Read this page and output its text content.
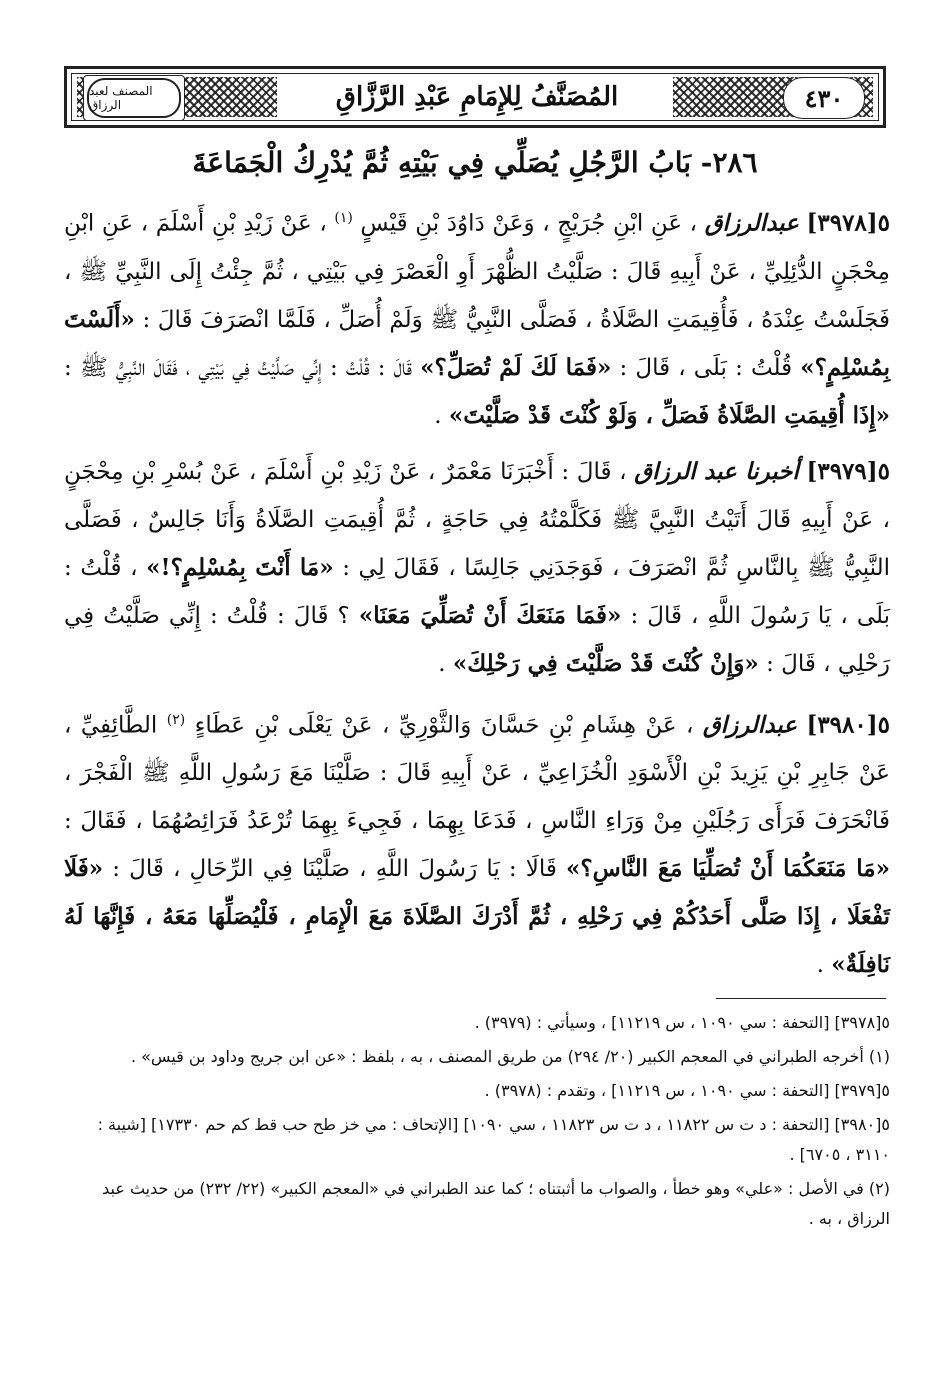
المصنف لعبد الرزاق	المُصَنَّفُ لِلإِمَامِ عَبْدِ الرَّزَّاقِ	٤٣٠
٢٨٦- بَابُ الرَّجُلِ يُصَلِّي فِي بَيْتِهِ ثُمَّ يُدْرِكُ الْجَمَاعَةَ

٥[٣٩٧٨] عبدالرزاق ، عَنِ ابْنِ جُرَيْجٍ ، وَعَنْ دَاوُدَ بْنِ قَيْسٍ $^{(١)}$ ، عَنْ زَيْدِ بْنِ أَسْلَمَ ، عَنِ ابْنِ مِحْجَنٍ الدُّئِلِيِّ ، عَنْ أَبِيهِ قَالَ : صَلَّيْتُ الظُّهْرَ أَوِ الْعَصْرَ فِي بَيْتِي ، ثُمَّ جِئْتُ إِلَى النَّبِيِّ ﷺ ، فَجَلَسْتُ عِنْدَهُ ، فَأُقِيمَتِ الصَّلَاةُ ، فَصَلَّى النَّبِيُّ ﷺ وَلَمْ أُصَلِّ ، فَلَمَّا انْصَرَفَ قَالَ : «أَلَسْتَ بِمُسْلِمٍ؟» قُلْتُ : بَلَى ، قَالَ : «فَمَا لَكَ لَمْ تُصَلِّ؟» قَالَ : قُلْتُ : إِنِّي صَلَّيْتُ فِي بَيْتِي ، فَقَالَ النَّبِيُّ ﷺ : «إِذَا أُقِيمَتِ الصَّلَاةُ فَصَلِّ ، وَلَوْ كُنْتَ قَدْ صَلَّيْتَ» .

٥[٣٩٧٩] أخبرنا عبد الرزاق ، قَالَ : أَخْبَرَنَا مَعْمَرٌ ، عَنْ زَيْدِ بْنِ أَسْلَمَ ، عَنْ بُسْرِ بْنِ مِحْجَنٍ ، عَنْ أَبِيهِ قَالَ أَتَيْتُ النَّبِيَّ ﷺ فَكَلَّمْتُهُ فِي حَاجَةٍ ، ثُمَّ أُقِيمَتِ الصَّلَاةُ وَأَنَا جَالِسٌ ، فَصَلَّى النَّبِيُّ ﷺ بِالنَّاسِ ثُمَّ انْصَرَفَ ، فَوَجَدَنِي جَالِسًا ، فَقَالَ لِي : «مَا أَنْتَ بِمُسْلِمٍ؟!» ، قُلْتُ : بَلَى ، يَا رَسُولَ اللَّهِ ، قَالَ : «فَمَا مَنَعَكَ أَنْ تُصَلِّيَ مَعَنَا» ؟ قَالَ : قُلْتُ : إِنِّي صَلَّيْتُ فِي رَحْلِي ، قَالَ : «وَإِنْ كُنْتَ قَدْ صَلَّيْتَ فِي رَحْلِكَ» .

٥[٣٩٨٠] عبدالرزاق ، عَنْ هِشَامِ بْنِ حَسَّانَ وَالثَّوْرِيِّ ، عَنْ يَعْلَى بْنِ عَطَاءٍ $^{(٢)}$ الطَّائِفِيِّ ، عَنْ جَابِرِ بْنِ يَزِيدَ بْنِ الْأَسْوَدِ الْخُزَاعِيِّ ، عَنْ أَبِيهِ قَالَ : صَلَّيْنَا مَعَ رَسُولِ اللَّهِ ﷺ الْفَجْرَ ، فَانْحَرَفَ فَرَأَى رَجُلَيْنِ مِنْ وَرَاءِ النَّاسِ ، فَدَعَا بِهِمَا ، فَجِيءَ بِهِمَا تُرْعَدُ فَرَائِصُهُمَا ، فَقَالَ : «مَا مَنَعَكُمَا أَنْ تُصَلِّيَا مَعَ النَّاسِ؟» قَالَا : يَا رَسُولَ اللَّهِ ، صَلَّيْنَا فِي الرِّحَالِ ، قَالَ : «فَلَا تَفْعَلَا ، إِذَا صَلَّى أَحَدُكُمْ فِي رَحْلِهِ ، ثُمَّ أَدْرَكَ الصَّلَاةَ مَعَ الْإِمَامِ ، فَلْيُصَلِّهَا مَعَهُ ، فَإِنَّهَا لَهُ نَافِلَةٌ» .

٥[٣٩٧٨] [التحفة : سي ١٠٩٠ ، س ١١٢١٩] ، وسيأتي : (٣٩٧٩) .

(١) أخرجه الطبراني في المعجم الكبير (٢٠/ ٢٩٤) من طريق المصنف ، به ، بلفظ : «عن ابن جريج وداود بن قيس» .

٥[٣٩٧٩] [التحفة : سي ١٠٩٠ ، س ١١٢١٩] ، وتقدم : (٣٩٧٨) .

٥[٣٩٨٠] [التحفة : د ت س ١١٨٢٢ ، د ت س ١١٨٢٣ ، سي ١٠٩٠] [الإتحاف : مي خز طح حب قط كم حم ١٧٣٣٠] [شيبة : ٣١١٠ ، ٦٧٠٥] .

(٢) في الأصل : «علي» وهو خطأ ، والصواب ما أثبتناه ؛ كما عند الطبراني في «المعجم الكبير» (٢٢/ ٢٣٢) من حديث عبد الرزاق ، به .
